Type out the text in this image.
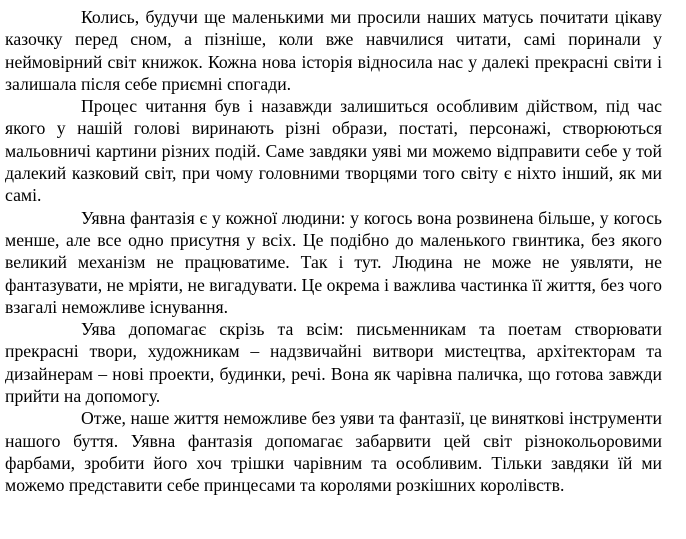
Колись, будучи ще маленькими ми просили наших матусь почитати цікаву казочку перед сном, а пізніше, коли вже навчилися читати, самі поринали у неймовірний світ книжок. Кожна нова історія відносила нас у далекі прекрасні світи і залишала після себе приємні спогади.

Процес читання був і назавжди залишиться особливим дійством, під час якого у нашій голові виринають різні образи, постаті, персонажі, створюються мальовничі картини різних подій. Саме завдяки уяві ми можемо відправити себе у той далекий казковий світ, при чому головними творцями того світу є ніхто інший, як ми самі.

Уявна фантазія є у кожної людини: у когось вона розвинена більше, у когось менше, але все одно присутня у всіх. Це подібно до маленького гвинтика, без якого великий механізм не працюватиме. Так і тут. Людина не може не уявляти, не фантазувати, не мріяти, не вигадувати. Це окрема і важлива частинка її життя, без чого взагалі неможливе існування.

Уява допомагає скрізь та всім: письменникам та поетам створювати прекрасні твори, художникам – надзвичайні витвори мистецтва, архітекторам та дизайнерам – нові проекти, будинки, речі. Вона як чарівна паличка, що готова завжди прийти на допомогу.

Отже, наше життя неможливе без уяви та фантазії, це виняткові інструменти нашого буття. Уявна фантазія допомагає забарвити цей світ різнокольоровими фарбами, зробити його хоч трішки чарівним та особливим. Тільки завдяки їй ми можемо представити себе принцесами та королями розкішних королівств.
